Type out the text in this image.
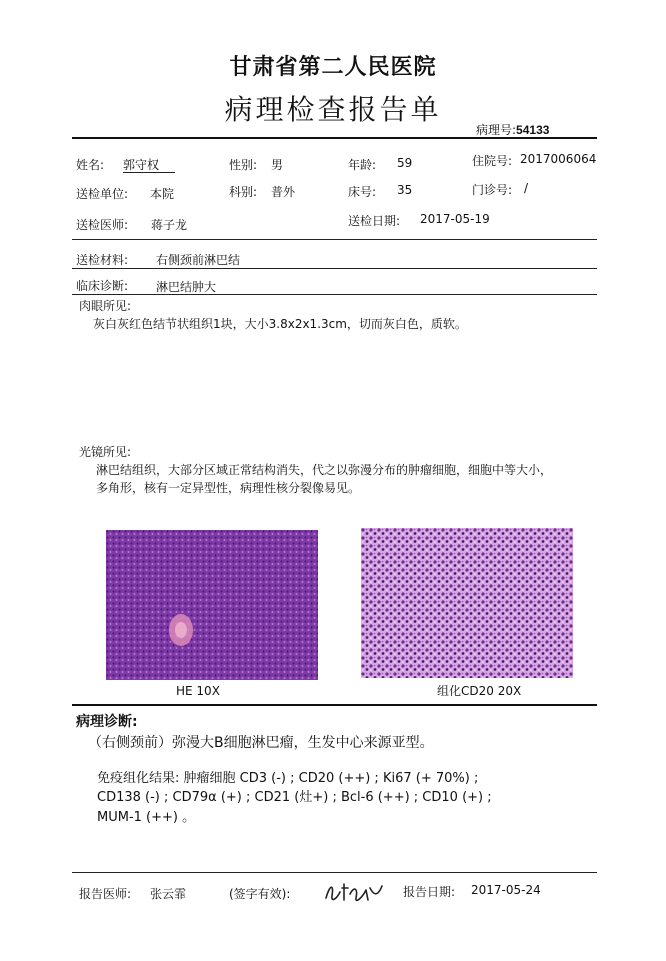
甘肃省第二人民医院
病理检查报告单
病理号:54133
姓名: 郭守权	性别: 男	年龄: 59	住院号: 2017006064
送检单位: 本院	科别: 普外	床号: 35	门诊号: /
送检医师: 蒋子龙	送检日期: 2017-05-19
送检材料: 右侧颈前淋巴结
临床诊断: 淋巴结肿大
肉眼所见:
灰白灰红色结节状组织1块，大小3.8x2x1.3cm，切而灰白色，质软。
光镜所见:
淋巴结组织，大部分区域正常结构消失，代之以弥漫分布的肿瘤细胞，细胞中等大小，
多角形，核有一定异型性，病理性核分裂像易见。
HE 10X	组化CD20 20X
病理诊断:
（右侧颈前）弥漫大B细胞淋巴瘤，生发中心来源亚型。
免疫组化结果: 肿瘤细胞 CD3 (-) ; CD20 (++) ; Ki67 (+ 70%) ;
CD138 (-) ; CD79α (+) ; CD21 (灶+) ; Bcl-6 (++) ; CD10 (+) ;
MUM-1 (++) 。
报告医师: 张云霏	(签字有效):	报告日期: 2017-05-24
